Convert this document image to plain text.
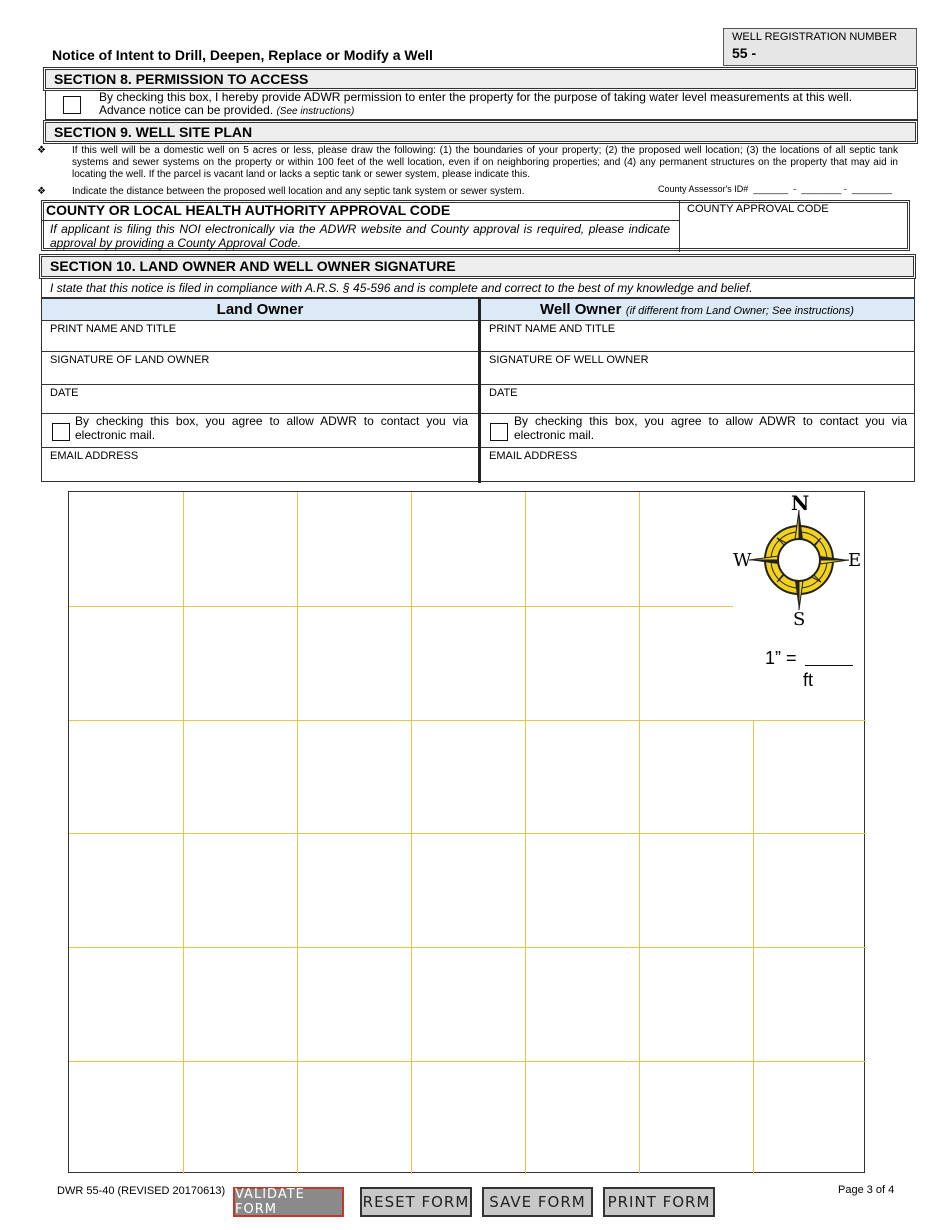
Notice of Intent to Drill, Deepen, Replace or Modify a Well
WELL REGISTRATION NUMBER
55 -
SECTION 8. PERMISSION TO ACCESS
By checking this box, I hereby provide ADWR permission to enter the property for the purpose of taking water level measurements at this well. Advance notice can be provided. (See instructions)
SECTION 9. WELL SITE PLAN
❖	If this well will be a domestic well on 5 acres or less, please draw the following: (1) the boundaries of your property; (2) the proposed well location; (3) the locations of all septic tank systems and sewer systems on the property or within 100 feet of the well location, even if on neighboring properties; and (4) any permanent structures on the property that may aid in locating the well. If the parcel is vacant land or lacks a septic tank or sewer system, please indicate this.
❖	Indicate the distance between the proposed well location and any septic tank system or sewer system.	County Assessor's ID#  _______  -  ________ -  ________
COUNTY OR LOCAL HEALTH AUTHORITY APPROVAL CODE
If applicant is filing this NOI electronically via the ADWR website and County approval is required, please indicate approval by providing a County Approval Code.
COUNTY APPROVAL CODE
SECTION 10. LAND OWNER AND WELL OWNER SIGNATURE
I state that this notice is filed in compliance with A.R.S. § 45-596 and is complete and correct to the best of my knowledge and belief.
Land Owner	Well Owner (if different from Land Owner; See instructions)
PRINT NAME AND TITLE
SIGNATURE OF LAND OWNER
DATE
By checking this box, you agree to allow ADWR to contact you via electronic mail.
EMAIL ADDRESS
PRINT NAME AND TITLE
SIGNATURE OF WELL OWNER
DATE
By checking this box, you agree to allow ADWR to contact you via electronic mail.
EMAIL ADDRESS
N
S
W	E
1” =
ft
DWR 55-40 (REVISED 20170613)	Page 3 of 4
VALIDATE FORM	RESET FORM	SAVE FORM	PRINT FORM
